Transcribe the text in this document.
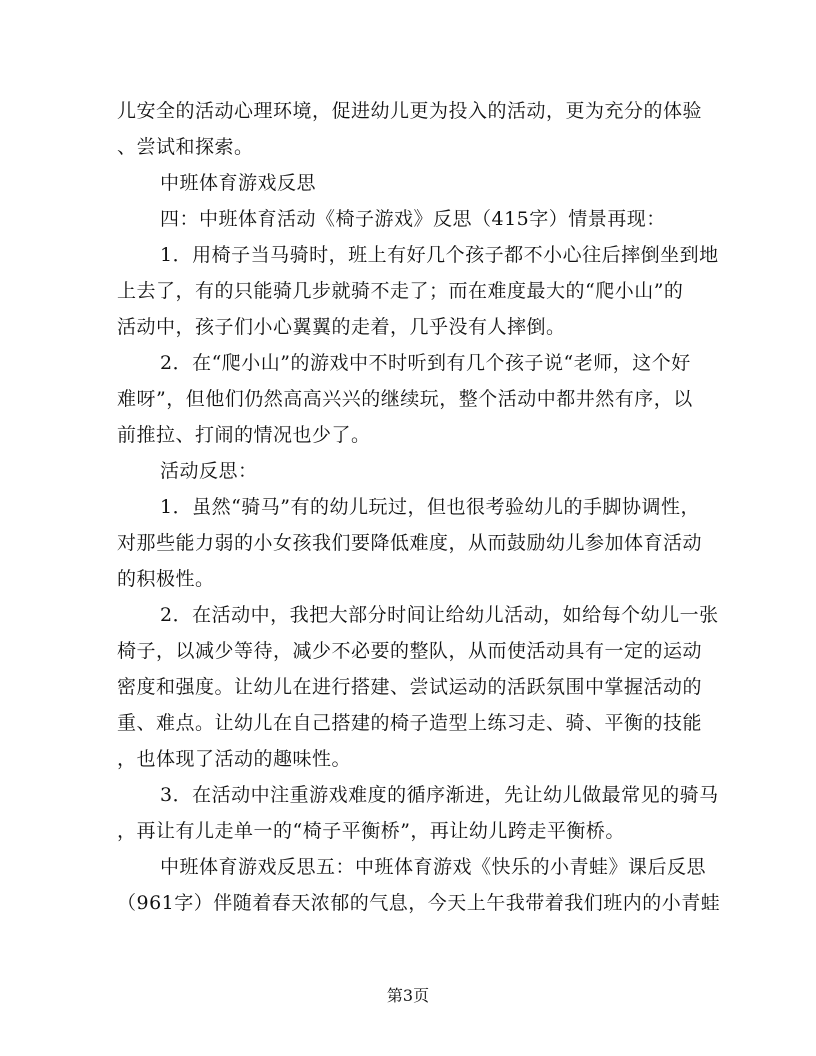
儿安全的活动心理环境，促进幼儿更为投入的活动，更为充分的体验
、尝试和探索。
中班体育游戏反思
四：中班体育活动《椅子游戏》反思（415字）情景再现：
1．用椅子当马骑时，班上有好几个孩子都不小心往后摔倒坐到地
上去了，有的只能骑几步就骑不走了；而在难度最大的“爬小山”的
活动中，孩子们小心翼翼的走着，几乎没有人摔倒。
2．在“爬小山”的游戏中不时听到有几个孩子说“老师，这个好
难呀”，但他们仍然高高兴兴的继续玩，整个活动中都井然有序，以
前推拉、打闹的情况也少了。
活动反思：
1．虽然“骑马”有的幼儿玩过，但也很考验幼儿的手脚协调性，
对那些能力弱的小女孩我们要降低难度，从而鼓励幼儿参加体育活动
的积极性。
2．在活动中，我把大部分时间让给幼儿活动，如给每个幼儿一张
椅子，以减少等待，减少不必要的整队，从而使活动具有一定的运动
密度和强度。让幼儿在进行搭建、尝试运动的活跃氛围中掌握活动的
重、难点。让幼儿在自己搭建的椅子造型上练习走、骑、平衡的技能
，也体现了活动的趣味性。
3．在活动中注重游戏难度的循序渐进，先让幼儿做最常见的骑马
，再让有儿走单一的“椅子平衡桥”，再让幼儿跨走平衡桥。
中班体育游戏反思五：中班体育游戏《快乐的小青蛙》课后反思
（961字）伴随着春天浓郁的气息，今天上午我带着我们班内的小青蛙
第3页
